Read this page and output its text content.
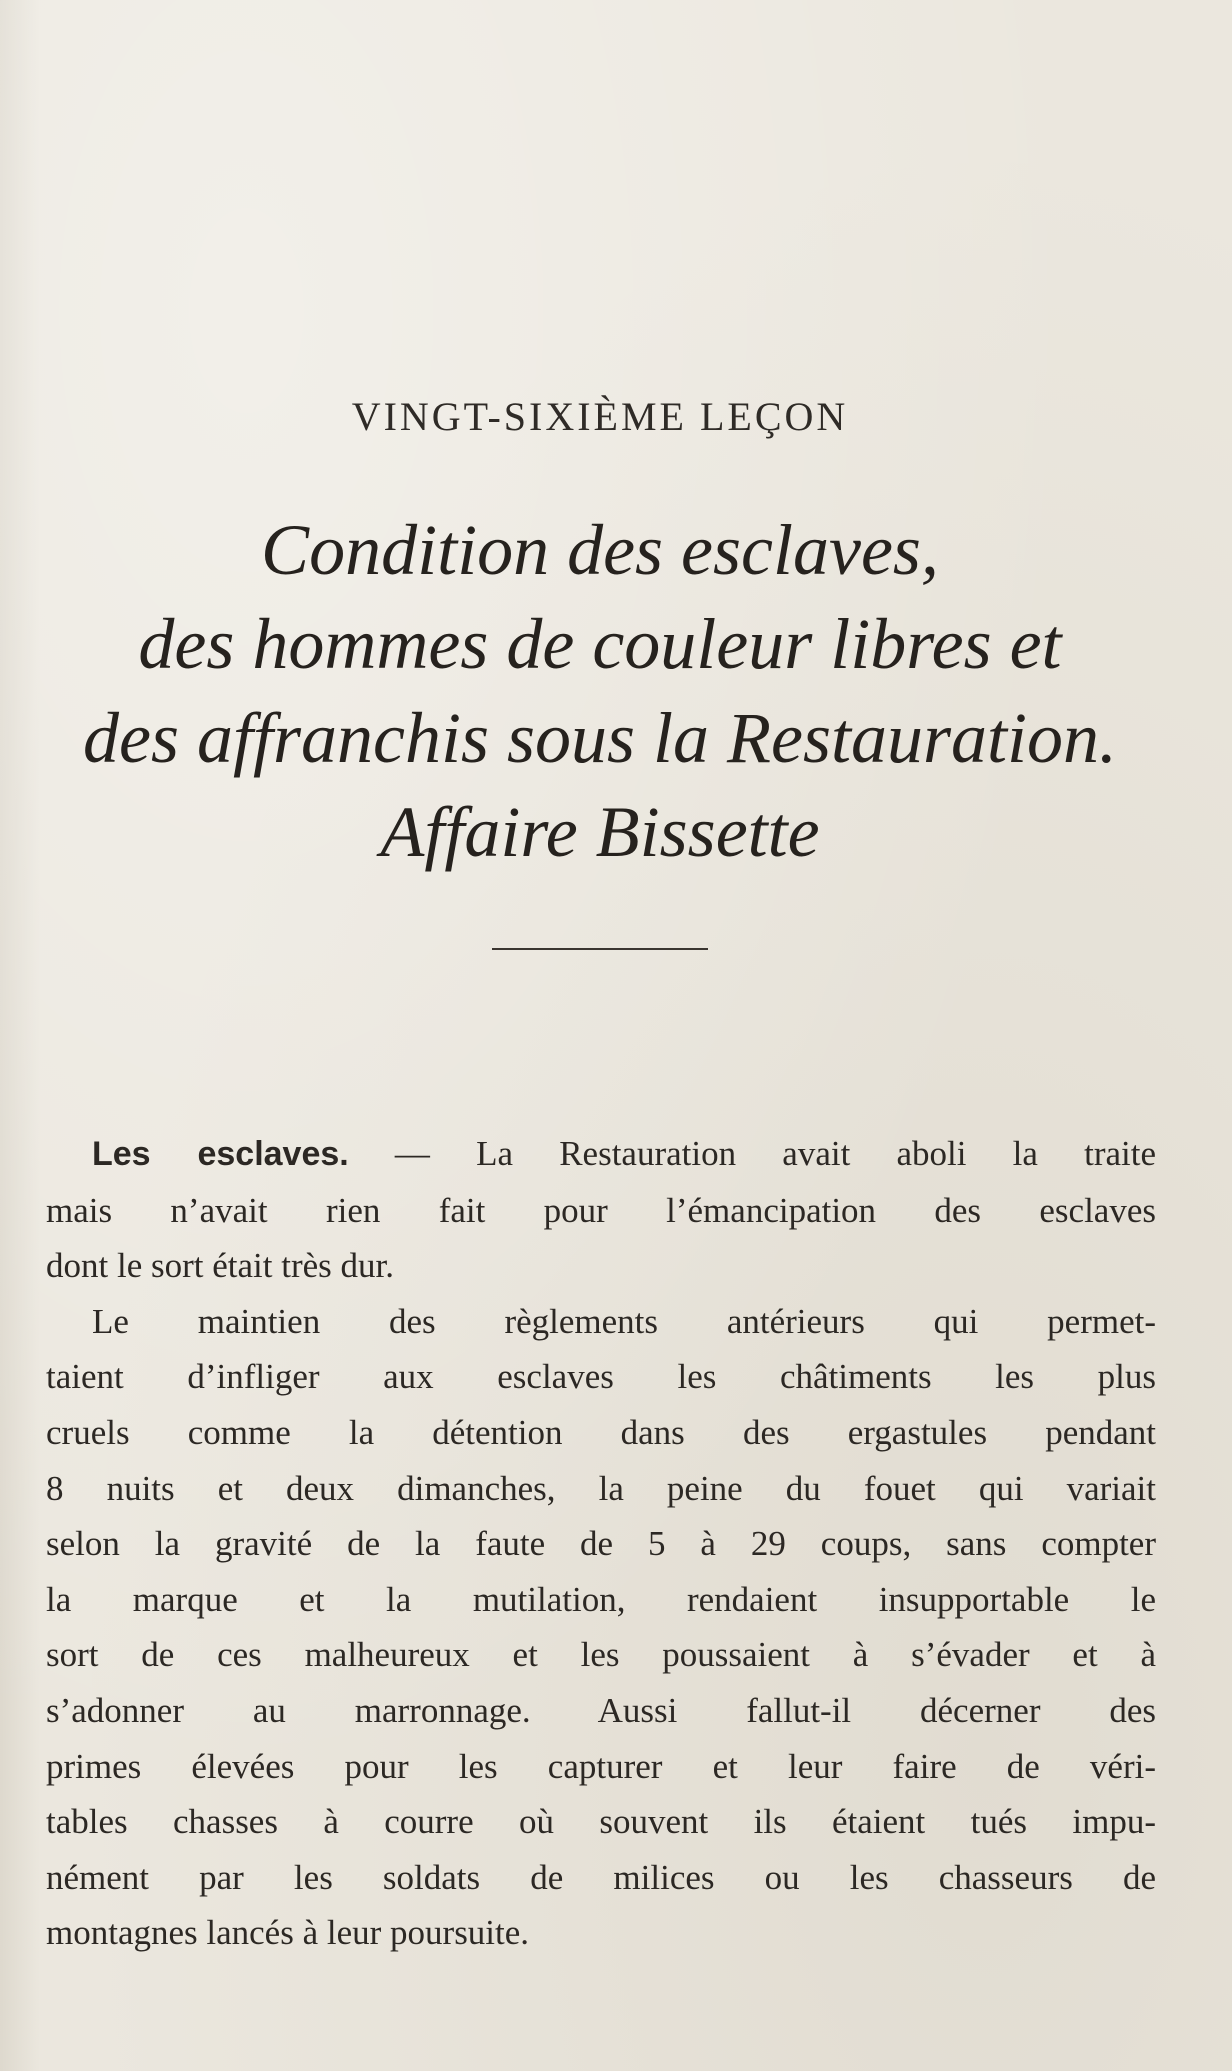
VINGT-SIXIÈME LEÇON
Condition des esclaves,
des hommes de couleur libres et
des affranchis sous la Restauration.
Affaire Bissette
Les esclaves. — La Restauration avait aboli la traite
mais n’avait rien fait pour l’émancipation des esclaves
dont le sort était très dur.
Le maintien des règlements antérieurs qui permet-
taient d’infliger aux esclaves les châtiments les plus
cruels comme la détention dans des ergastules pendant
8 nuits et deux dimanches, la peine du fouet qui variait
selon la gravité de la faute de 5 à 29 coups, sans compter
la marque et la mutilation, rendaient insupportable le
sort de ces malheureux et les poussaient à s’évader et à
s’adonner au marronnage. Aussi fallut-il décerner des
primes élevées pour les capturer et leur faire de véri-
tables chasses à courre où souvent ils étaient tués impu-
nément par les soldats de milices ou les chasseurs de
montagnes lancés à leur poursuite.
